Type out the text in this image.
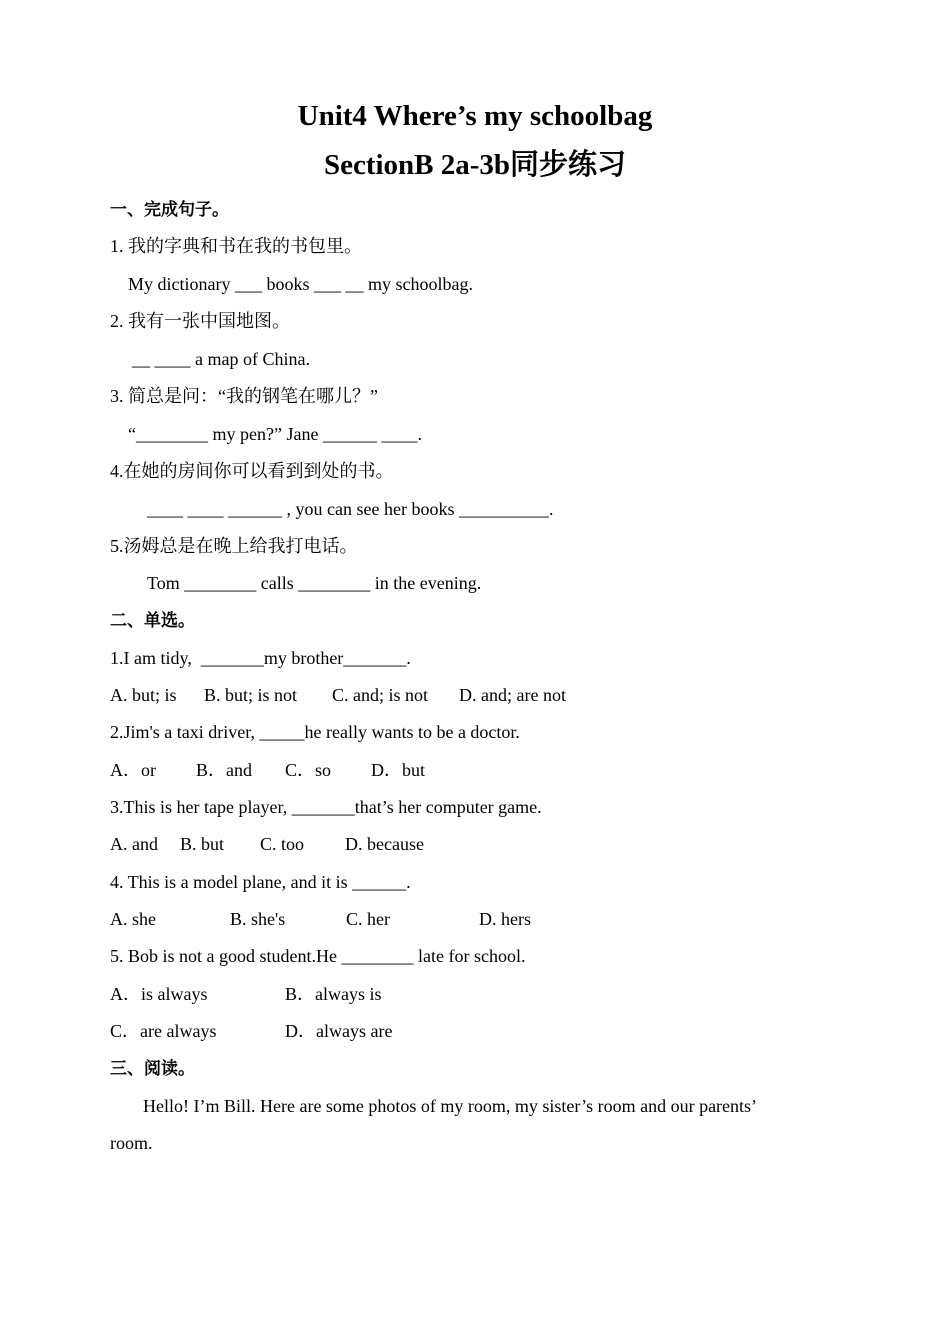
Unit4 Where’s my schoolbag
SectionB 2a-3b同步练习
一、完成句子。
1. 我的字典和书在我的书包里。
My dictionary ___ books ___ __ my schoolbag.
2. 我有一张中国地图。
__ ____ a map of China.
3. 简总是问：“我的钢笔在哪儿？”
“________ my pen?” Jane ______ ____.
4.在她的房间你可以看到到处的书。
____ ____ ______ , you can see her books __________.
5.汤姆总是在晚上给我打电话。
Tom ________ calls ________ in the evening.
二、单选。
1.I am tidy,  _______my brother_______.
A. but; is B. but; is not C. and; is not D. and; are not
2.Jim's a taxi driver, _____he really wants to be a doctor.
A．or B．and C．so D．but
3.This is her tape player, _______that’s her computer game.
A. and B. but C. too D. because
4. This is a model plane, and it is ______.
A. she	B. she's	C. her	D. hers
5. Bob is not a good student.He ________ late for school.
A．is always	B．always is
C．are always	D．always are
三、阅读。
Hello! I’m Bill. Here are some photos of my room, my sister’s room and our parents’
room.
